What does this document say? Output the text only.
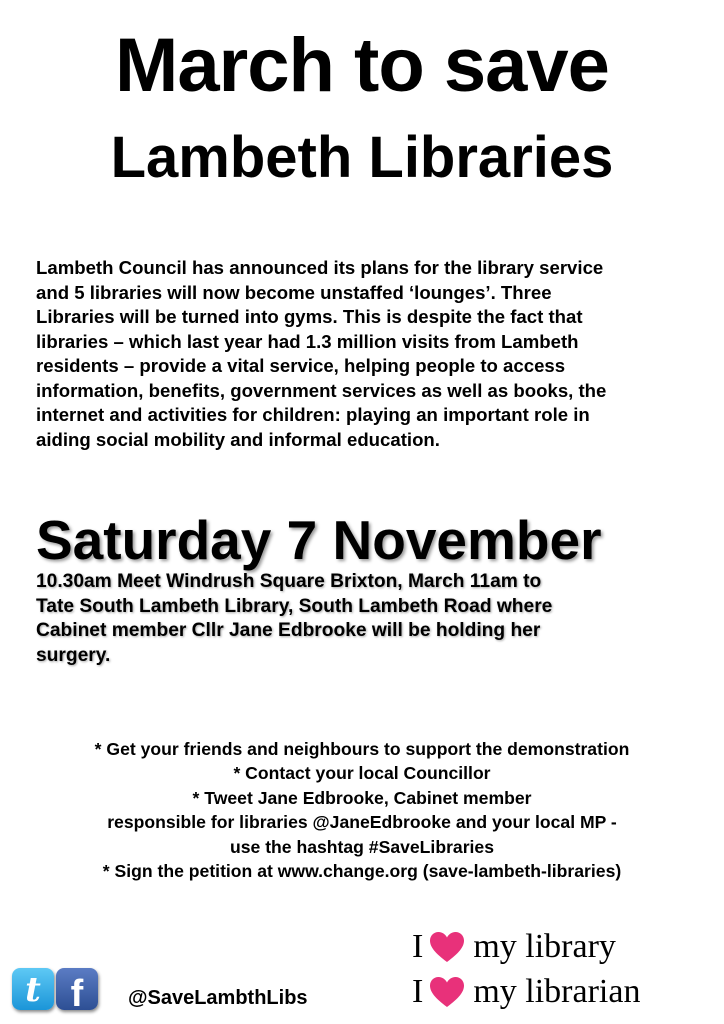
March to save
Lambeth Libraries
Lambeth Council has announced its plans for the library service
and 5 libraries will now become unstaffed ‘lounges’. Three
Libraries will be turned into gyms. This is despite the fact that
libraries – which last year had 1.3 million visits from Lambeth
residents – provide a vital service, helping people to access
information, benefits, government services as well as books, the
internet and activities for children: playing an important role in
aiding social mobility and informal education.
Saturday 7 November
10.30am Meet Windrush Square Brixton, March 11am to
Tate South Lambeth Library, South Lambeth Road where
Cabinet member Cllr Jane Edbrooke will be holding her
surgery.
* Get your friends and neighbours to support the demonstration
* Contact your local Councillor
* Tweet Jane Edbrooke, Cabinet member
responsible for libraries @JaneEdbrooke and your local MP -
use the hashtag #SaveLibraries
* Sign the petition at www.change.org (save-lambeth-libraries)
t f	@SaveLambthLibs
I my library
I my librarian
